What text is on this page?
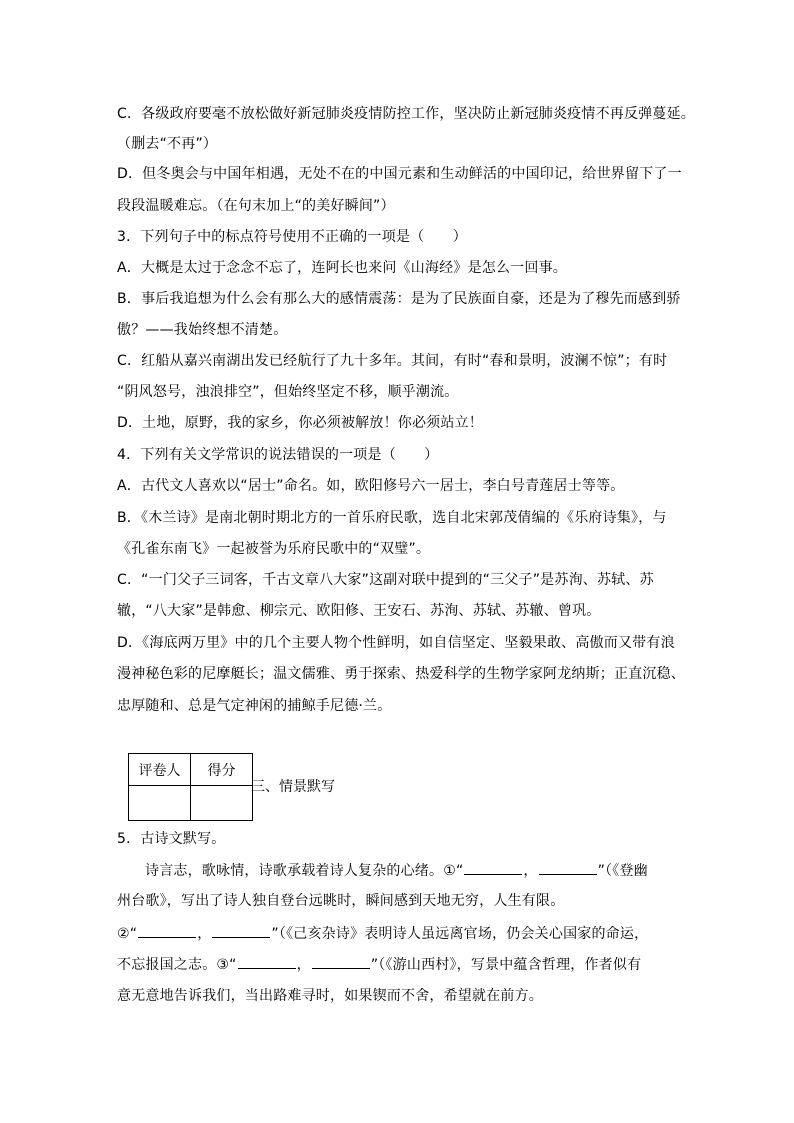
C．各级政府要毫不放松做好新冠肺炎疫情防控工作，坚决防止新冠肺炎疫情不再反弹蔓延。
（删去“不再”）
D．但冬奥会与中国年相遇，无处不在的中国元素和生动鲜活的中国印记，给世界留下了一
段段温暖难忘。（在句末加上“的美好瞬间”）
3．下列句子中的标点符号使用不正确的一项是（　　）
A．大概是太过于念念不忘了，连阿长也来问《山海经》是怎么一回事。
B．事后我追想为什么会有那么大的感情震荡：是为了民族面自豪，还是为了穆先而感到骄
傲？——我始终想不清楚。
C．红船从嘉兴南湖出发已经航行了九十多年。其间，有时“春和景明，波澜不惊”；有时
“阴风怒号，浊浪排空”，但始终坚定不移，顺乎潮流。
D．土地，原野，我的家乡，你必须被解放！你必须站立！
4．下列有关文学常识的说法错误的一项是（　　）
A．古代文人喜欢以“居士”命名。如，欧阳修号六一居士，李白号青莲居士等等。
B．《木兰诗》是南北朝时期北方的一首乐府民歌，选自北宋郭茂倩编的《乐府诗集》，与
《孔雀东南飞》一起被誉为乐府民歌中的“双璧”。
C．“一门父子三词客，千古文章八大家”这副对联中提到的“三父子”是苏洵、苏轼、苏
辙，“八大家”是韩愈、柳宗元、欧阳修、王安石、苏洵、苏轼、苏辙、曾巩。
D．《海底两万里》中的几个主要人物个性鲜明，如自信坚定、坚毅果敢、高傲而又带有浪
漫神秘色彩的尼摩艇长；温文儒雅、勇于探索、热爱科学的生物学家阿龙纳斯；正直沉稳、
忠厚随和、总是气定神闲的捕鲸手尼德·兰。
评卷人	得分

三、情景默写
5．古诗文默写。
诗言志，歌咏情，诗歌承载着诗人复杂的心绪。①“	，	”（《登幽
州台歌》，写出了诗人独自登台远眺时，瞬间感到天地无穷，人生有限。
②“	，	”（《己亥杂诗》表明诗人虽远离官场，仍会关心国家的命运，
不忘报国之志。③“	，	”（《游山西村》，写景中蕴含哲理，作者似有
意无意地告诉我们，当出路难寻时，如果锲而不舍，希望就在前方。
